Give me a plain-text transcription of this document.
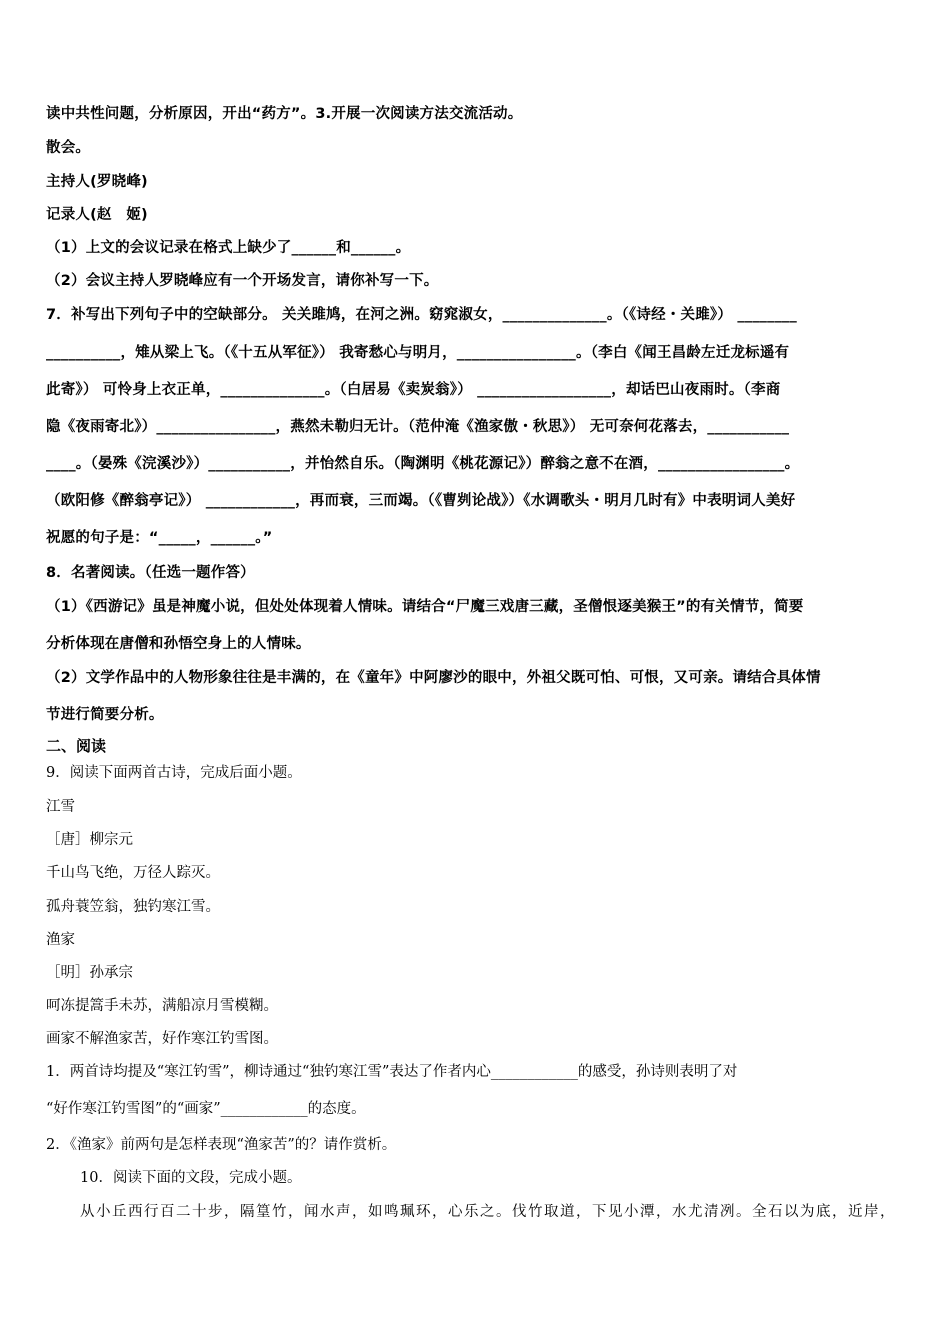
读中共性问题，分析原因，开出“药方”。3.开展一次阅读方法交流活动。
散会。
主持人(罗晓峰)
记录人(赵　姬)
（1）上文的会议记录在格式上缺少了______和______。
（2）会议主持人罗晓峰应有一个开场发言，请你补写一下。
7．补写出下列句子中的空缺部分。 关关雎鸠，在河之洲。窈窕淑女，______________。（《诗经・关雎》） ________
__________，雉从梁上飞。（《十五从军征》） 我寄愁心与明月，________________。（李白《闻王昌龄左迁龙标遥有
此寄》） 可怜身上衣正单，______________。（白居易《卖炭翁》） __________________，却话巴山夜雨时。（李商
隐《夜雨寄北》）________________，燕然未勒归无计。（范仲淹《渔家傲・秋思》） 无可奈何花落去，___________
____。（晏殊《浣溪沙》）___________，并怡然自乐。（陶渊明《桃花源记》）醉翁之意不在酒，_________________。
（欧阳修《醉翁亭记》） ____________，再而衰，三而竭。（《曹刿论战》）《水调歌头・明月几时有》中表明词人美好
祝愿的句子是：“_____，______。”
8．名著阅读。（任选一题作答）
（1）《西游记》虽是神魔小说，但处处体现着人情味。请结合“尸魔三戏唐三藏，圣僧恨逐美猴王”的有关情节，简要
分析体现在唐僧和孙悟空身上的人情味。
（2）文学作品中的人物形象往往是丰满的，在《童年》中阿廖沙的眼中，外祖父既可怕、可恨，又可亲。请结合具体情
节进行简要分析。
二、阅读
9．阅读下面两首古诗，完成后面小题。
江雪
［唐］柳宗元
千山鸟飞绝，万径人踪灭。
孤舟蓑笠翁，独钓寒江雪。
渔家
［明］孙承宗
呵冻提篙手未苏，满船凉月雪模糊。
画家不解渔家苦，好作寒江钓雪图。
1．两首诗均提及“寒江钓雪”，柳诗通过“独钓寒江雪”表达了作者内心____________的感受，孙诗则表明了对
“好作寒江钓雪图”的“画家”____________的态度。
2．《渔家》前两句是怎样表现“渔家苦”的？请作赏析。
10．阅读下面的文段，完成小题。
从小丘西行百二十步，隔篁竹，闻水声，如鸣珮环，心乐之。伐竹取道，下见小潭，水尤清冽。全石以为底，近岸，
